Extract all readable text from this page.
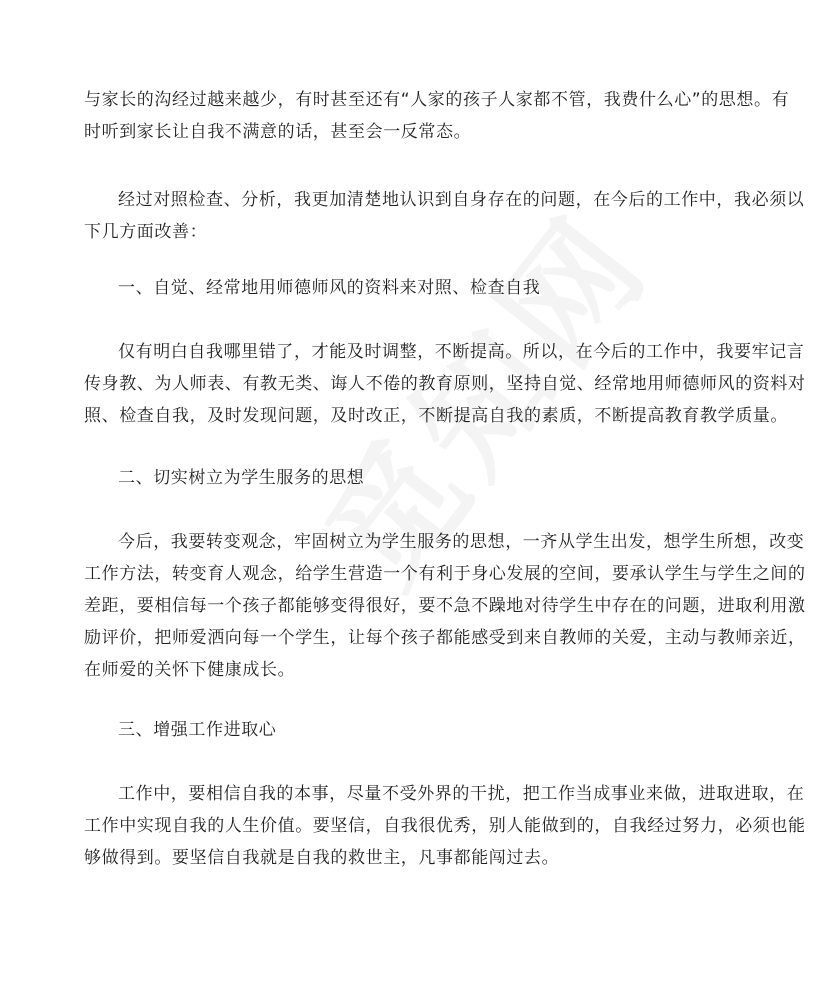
与家长的沟经过越来越少，有时甚至还有“人家的孩子人家都不管，我费什么心”的思想。有
时听到家长让自我不满意的话，甚至会一反常态。
经过对照检查、分析，我更加清楚地认识到自身存在的问题，在今后的工作中，我必须以
下几方面改善：
一、自觉、经常地用师德师风的资料来对照、检查自我
仅有明白自我哪里错了，才能及时调整，不断提高。所以，在今后的工作中，我要牢记言
传身教、为人师表、有教无类、诲人不倦的教育原则，坚持自觉、经常地用师德师风的资料对
照、检查自我，及时发现问题，及时改正，不断提高自我的素质，不断提高教育教学质量。
二、切实树立为学生服务的思想
今后，我要转变观念，牢固树立为学生服务的思想，一齐从学生出发，想学生所想，改变
工作方法，转变育人观念，给学生营造一个有利于身心发展的空间，要承认学生与学生之间的
差距，要相信每一个孩子都能够变得很好，要不急不躁地对待学生中存在的问题，进取利用激
励评价，把师爱洒向每一个学生，让每个孩子都能感受到来自教师的关爱，主动与教师亲近，
在师爱的关怀下健康成长。
三、增强工作进取心
工作中，要相信自我的本事，尽量不受外界的干扰，把工作当成事业来做，进取进取，在
工作中实现自我的人生价值。要坚信，自我很优秀，别人能做到的，自我经过努力，必须也能
够做得到。要坚信自我就是自我的救世主，凡事都能闯过去。
